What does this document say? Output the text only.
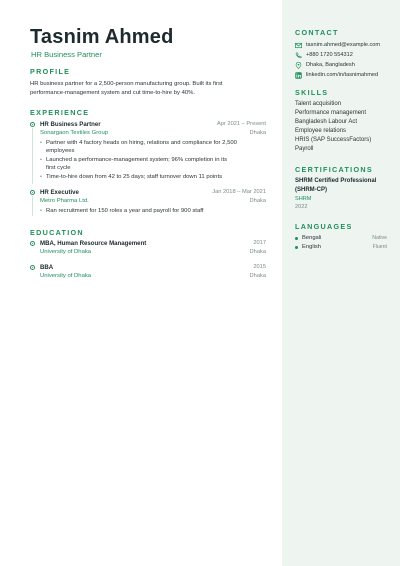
Tasnim Ahmed
HR Business Partner
PROFILE
HR business partner for a 2,500-person manufacturing group. Built its first
performance-management system and cut time-to-hire by 40%.
EXPERIENCE
HR Business Partner	Apr 2021 – Present
Sonargaon Textiles Group	Dhaka
• Partner with 4 factory heads on hiring, relations and compliance for 2,500
employees
• Launched a performance-management system; 96% completion in its
first cycle
• Time-to-hire down from 42 to 25 days; staff turnover down 11 points
HR Executive	Jan 2018 – Mar 2021
Metro Pharma Ltd.	Dhaka
• Ran recruitment for 150 roles a year and payroll for 900 staff
EDUCATION
MBA, Human Resource Management	2017
University of Dhaka	Dhaka
BBA	2015
University of Dhaka	Dhaka
CONTACT
tasnim.ahmed@example.com
+880 1720 554312
Dhaka, Bangladesh
linkedin.com/in/tasnimahmed
SKILLS
Talent acquisition
Performance management
Bangladesh Labour Act
Employee relations
HRIS (SAP SuccessFactors)
Payroll
CERTIFICATIONS
SHRM Certified Professional
(SHRM-CP)
SHRM
2022
LANGUAGES
Bengali	Native
English	Fluent
